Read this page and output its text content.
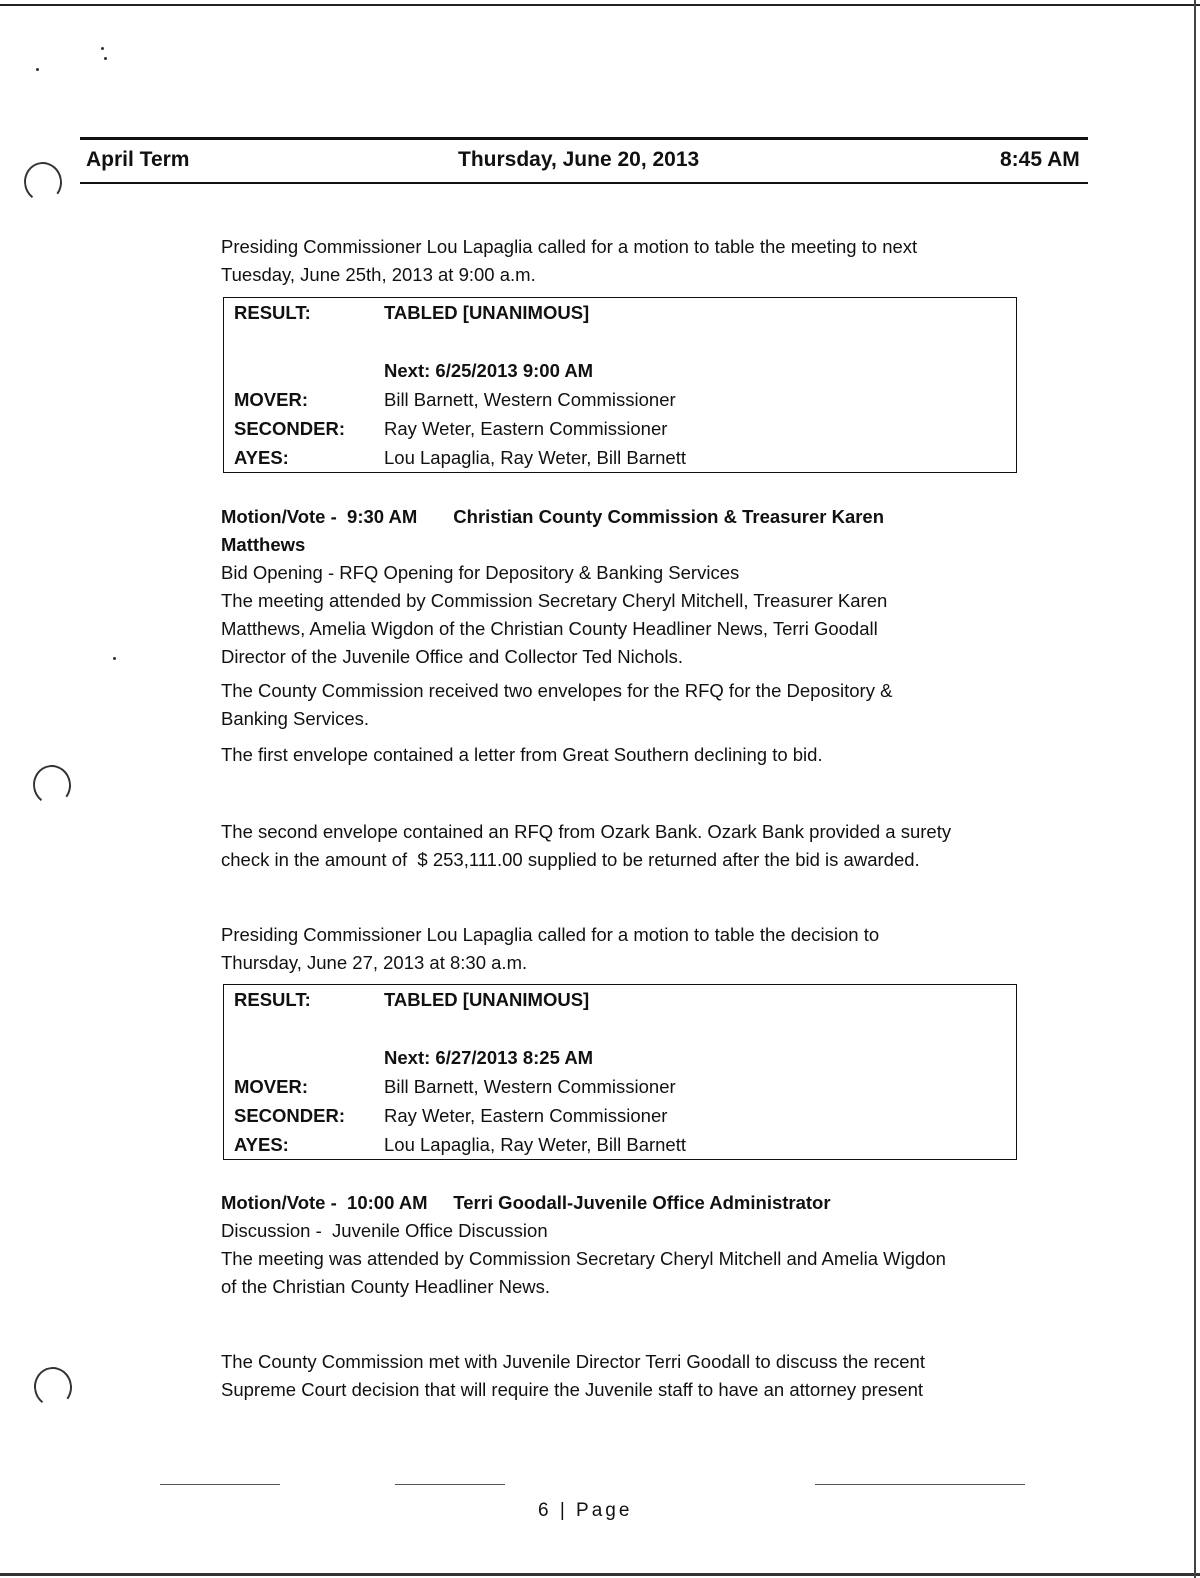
April Term	Thursday, June 20, 2013	8:45 AM

Presiding Commissioner Lou Lapaglia called for a motion to table the meeting to next

Tuesday, June 25th, 2013 at 9:00 a.m.

RESULT:	TABLED [UNANIMOUS]
Next: 6/25/2013 9:00 AM
MOVER:	Bill Barnett, Western Commissioner
SECONDER:	Ray Weter, Eastern Commissioner
AYES:	Lou Lapaglia, Ray Weter, Bill Barnett

Motion/Vote -  9:30 AM       Christian County Commission & Treasurer Karen

Matthews

Bid Opening - RFQ Opening for Depository & Banking Services

The meeting attended by Commission Secretary Cheryl Mitchell, Treasurer Karen

Matthews, Amelia Wigdon of the Christian County Headliner News, Terri Goodall

Director of the Juvenile Office and Collector Ted Nichols.

The County Commission received two envelopes for the RFQ for the Depository &

Banking Services.

The first envelope contained a letter from Great Southern declining to bid.

The second envelope contained an RFQ from Ozark Bank. Ozark Bank provided a surety

check in the amount of  $ 253,111.00 supplied to be returned after the bid is awarded.

Presiding Commissioner Lou Lapaglia called for a motion to table the decision to

Thursday, June 27, 2013 at 8:30 a.m.

RESULT:	TABLED [UNANIMOUS]
Next: 6/27/2013 8:25 AM
MOVER:	Bill Barnett, Western Commissioner
SECONDER:	Ray Weter, Eastern Commissioner
AYES:	Lou Lapaglia, Ray Weter, Bill Barnett

Motion/Vote -  10:00 AM     Terri Goodall-Juvenile Office Administrator

Discussion -  Juvenile Office Discussion

The meeting was attended by Commission Secretary Cheryl Mitchell and Amelia Wigdon

of the Christian County Headliner News.

The County Commission met with Juvenile Director Terri Goodall to discuss the recent

Supreme Court decision that will require the Juvenile staff to have an attorney present

6 | Page
